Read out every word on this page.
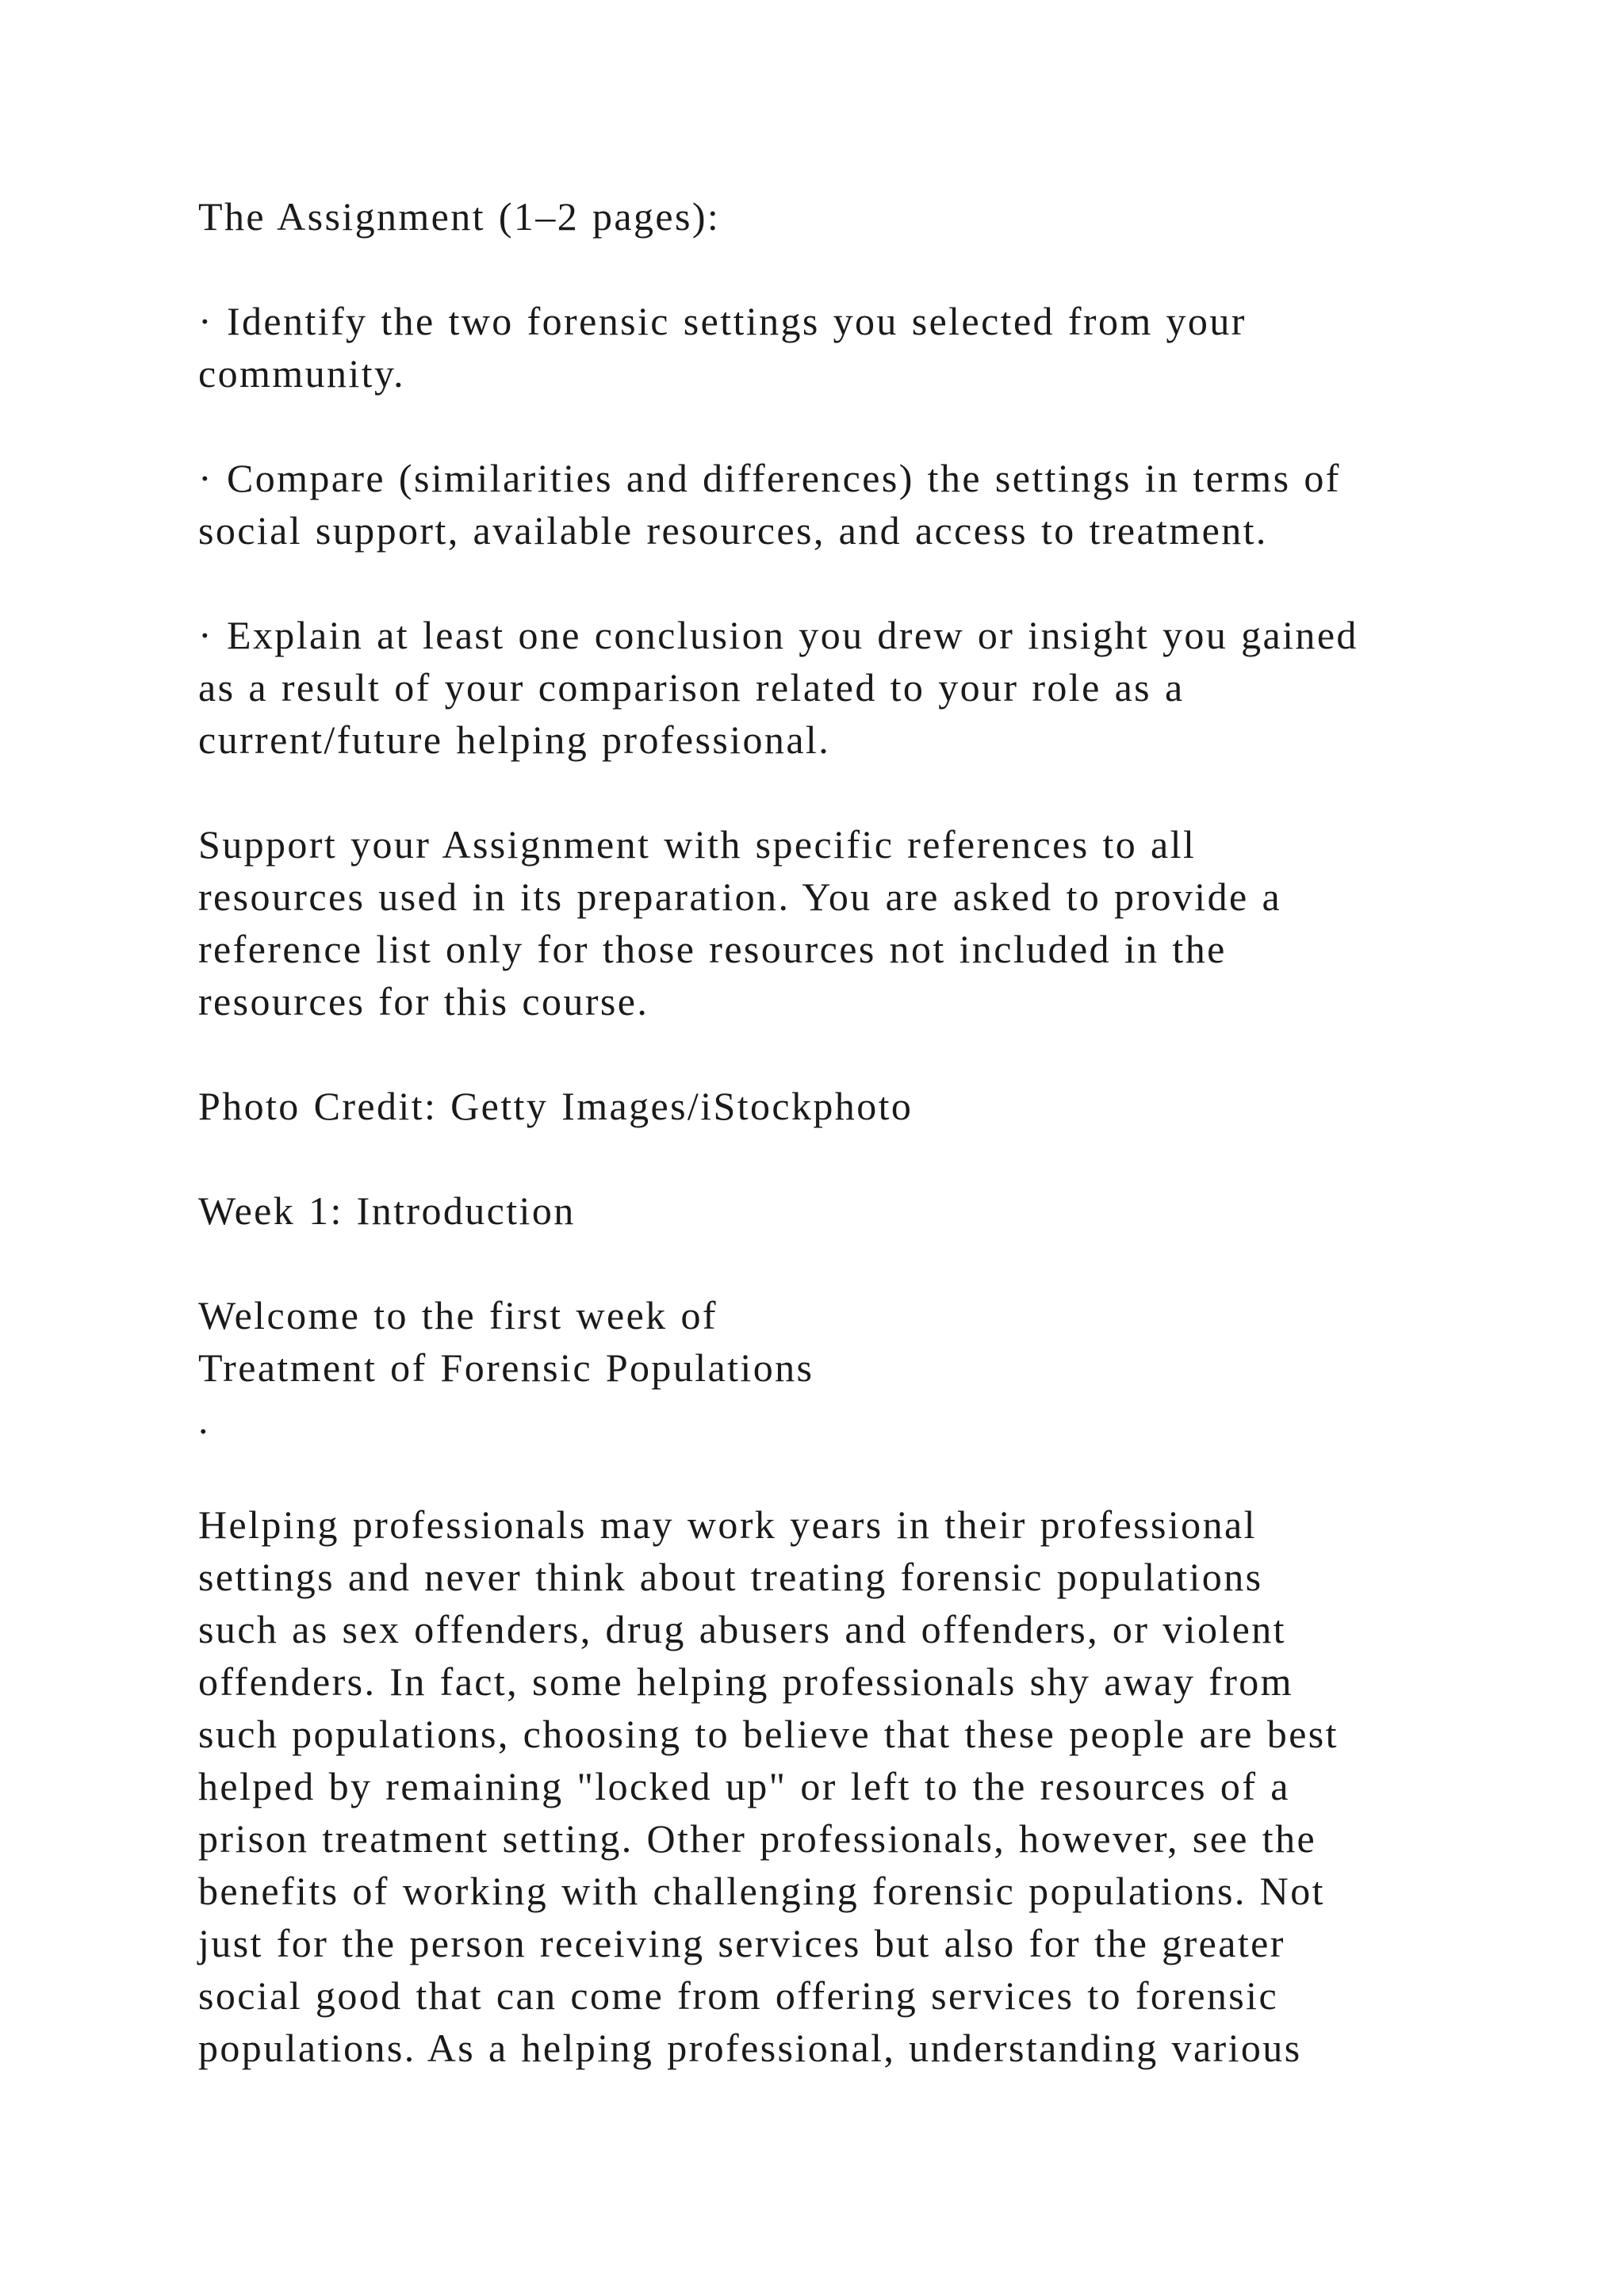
The Assignment (1–2 pages):
· Identify the two forensic settings you selected from your
community.
· Compare (similarities and differences) the settings in terms of
social support, available resources, and access to treatment.
· Explain at least one conclusion you drew or insight you gained
as a result of your comparison related to your role as a
current/future helping professional.
Support your Assignment with specific references to all
resources used in its preparation. You are asked to provide a
reference list only for those resources not included in the
resources for this course.
Photo Credit: Getty Images/iStockphoto
Week 1: Introduction
Welcome to the first week of
Treatment of Forensic Populations
.
Helping professionals may work years in their professional
settings and never think about treating forensic populations
such as sex offenders, drug abusers and offenders, or violent
offenders. In fact, some helping professionals shy away from
such populations, choosing to believe that these people are best
helped by remaining "locked up" or left to the resources of a
prison treatment setting. Other professionals, however, see the
benefits of working with challenging forensic populations. Not
just for the person receiving services but also for the greater
social good that can come from offering services to forensic
populations. As a helping professional, understanding various
